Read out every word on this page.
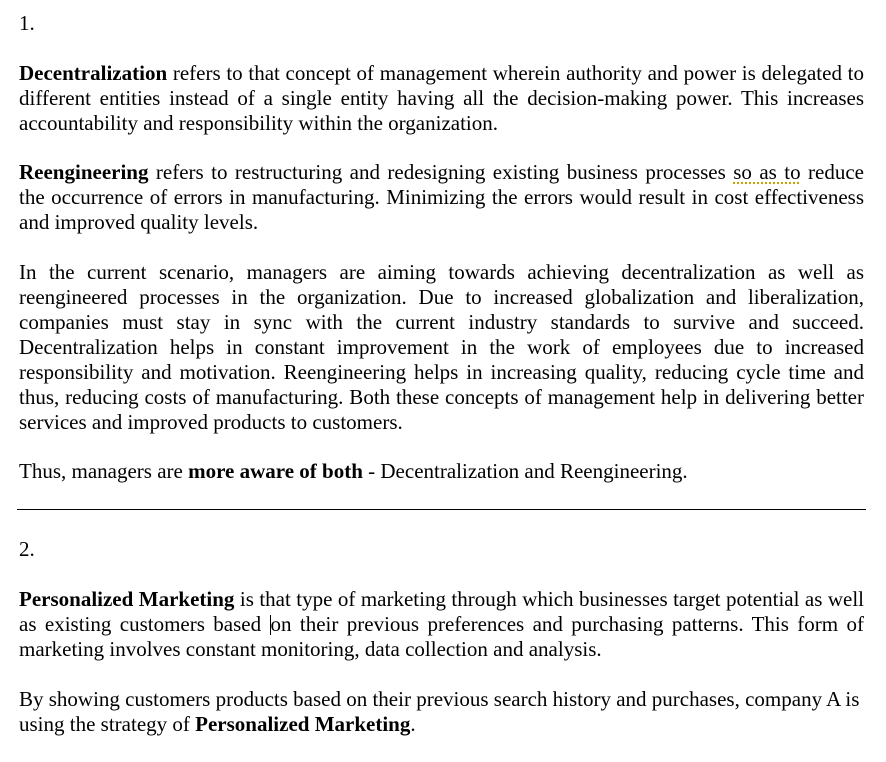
1.

Decentralization refers to that concept of management wherein authority and power is delegated to different entities instead of a single entity having all the decision-making power. This increases accountability and responsibility within the organization.

Reengineering refers to restructuring and redesigning existing business processes so as to reduce the occurrence of errors in manufacturing. Minimizing the errors would result in cost effectiveness and improved quality levels.

In the current scenario, managers are aiming towards achieving decentralization as well as reengineered processes in the organization. Due to increased globalization and liberalization, companies must stay in sync with the current industry standards to survive and succeed. Decentralization helps in constant improvement in the work of employees due to increased responsibility and motivation. Reengineering helps in increasing quality, reducing cycle time and thus, reducing costs of manufacturing. Both these concepts of management help in delivering better services and improved products to customers.

Thus, managers are more aware of both - Decentralization and Reengineering.

2.

Personalized Marketing is that type of marketing through which businesses target potential as well as existing customers based on their previous preferences and purchasing patterns. This form of marketing involves constant monitoring, data collection and analysis.

By showing customers products based on their previous search history and purchases, company A is using the strategy of Personalized Marketing.
